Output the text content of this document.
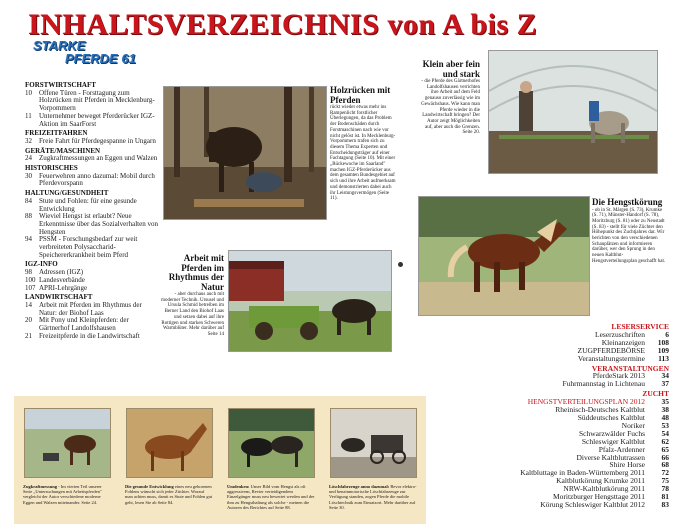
INHALTSVERZEICHNIS von A bis Z
STARKE
PFERDE 61
FORSTWIRTSCHAFT
10	Offene Türen - Forsttagung zum Holzrücken mit Pferden in Mecklenburg-Vorpommern
11	Unternehmer beweget Pferderücker IGZ-Aktion im SaarForst
FREIZEITFAHREN
32	Freie Fahrt für Pferdegespanne in Ungarn
GERÄTE/MASCHINEN
24	Zugkraftmessungen an Eggen und Walzen
HISTORISCHES
30	Feuerwehren anno dazumal: Mobil durch Pferdevorspann
HALTUNG/GESUNDHEIT
84	Stute und Fohlen: für eine gesunde Entwicklung
88	Wieviel Hengst ist erlaubt? Neue Erkenntnisse über das Sozialverhalten von Hengsten
94	PSSM - Forschungsbedarf zur weit verbreiteten Polysaccharid-Speichererkrankheit beim Pferd
IGZ-INFO
98	Adressen (IGZ)
100 Landesverbände
107 APRI-Lehrgänge
LANDWIRTSCHAFT
14	Arbeit mit Pferden im Rhythmus der Natur: der Biohof Laas
20	Mit Pony und Kleinpferden: der Gärtnerhof Landolfshausen
21	Freizeitpferde in die Landwirtschaft
Holzrücken mit Pferden
rückt wieder etwas mehr ins Rampenlicht forstlicher Überlegungen, da das Problem der Bodenschäden durch Forstmaschinen nach wie vor nicht gelöst ist. In Mecklenburg-Vorpommern trafen sich zu diesem Thema Experten und Entscheidungsträger auf einer Fachtagung (Seite 10). Mit einer „Rückewoche im Saarland" machen IGZ-Pferderücker aus dem gesamten Bundesgebiet auf sich und ihre Arbeit aufmerksam und demonstrierten dabei auch ihr Leistungsvermögen (Seite 11).
Klein aber fein und stark
- die Pferde des Gärtnerhofes Landolfshausen verrichten ihre Arbeit auf dem Feld genauso zuverlässig wie im Gewächshaus. Wie kann man Pferde wieder in die Landwirtschaft bringen? Der Autor zeigt Möglichkeiten auf, aber auch die Grenzen. Seite 20.
Arbeit mit Pferden im Rhythmus der Natur
- aber durchaus auch mit moderner Technik. Ursusel und Ursula Schmid betreiben im Berner Land den Biohof Laas und setzen dabei auf ihre Rottigen und starken Schweren Warmblüter. Mehr darüber auf Seite 14
Die Hengstkörung
- ob in St. Märgen (S. 73), Krumke (S. 71), Münster-Handorf (S. 78), Moritzburg (S. 81) oder zu Neustadt (S. 83) - stellt für viele Züchter den Höhepunkt des Zuchtjahres dar. Wir berichten von den verschiedenen Schauplätzen und informieren darüber, wer den Sprung in den neuen Kaltblut-Hengstverteilungsplan geschafft hat.
LESERSERVICE
Leserzuschriften	6
Kleinanzeigen	108
ZUGPFERDEBÖRSE	109
Veranstaltungstermine	113
VERANSTALTUNGEN
PferdeStark 2013	34
Fuhrmannstag in Lichtenau	37
ZUCHT
HENGSTVERTEILUNGSPLAN 2012	35
Rheinisch-Deutsches Kaltblut	38
Süddeutsches Kaltblut	48
Noriker	53
Schwarzwälder Fuchs	54
Schleswiger Kaltblut	62
Pfalz-Ardenner	65
Diverse Kaltblutrassen	66
Shire Horse	68
Kaltbluttage in Baden-Württemberg 2011	72
Kaltblutkörung Krumke 2011	75
NRW-Kaltblutkörung 2011	78
Moritzburger Hengsttage 2011	81
Körung Schleswiger Kaltblut 2012	83
Zugkraftmessung - Im vierten Teil unserer Serie „Untersuchungen mit Arbeitspferden" vergleicht der Autor verschiedene moderne Eggen und Walzen miteinander. Seite 24.
Die gesunde Entwicklung eines neu geborenen Fohlens wünscht sich jeder Züchter. Worauf man achten muss, damit es Stute und Fohlen gut geht, lesen Sie ab Seite 84.
Umdenken: Unser Bild vom Hengst als oft aggressivem, Revier verteidigendem Einzelgänger muss neu bewertet werden und der ihm zu Hengsthaltung als solche - meinen die Autoren des Berichtes auf Seite 88.
Löschfahrzeuge anno dazumal: Bevor elektro- und benzinmotorische Löschfahrzeuge zur Verfügung standen, zogen Pferde die mobile Löschtechnik zum Einsatzort. Mehr darüber auf Seite 30.
